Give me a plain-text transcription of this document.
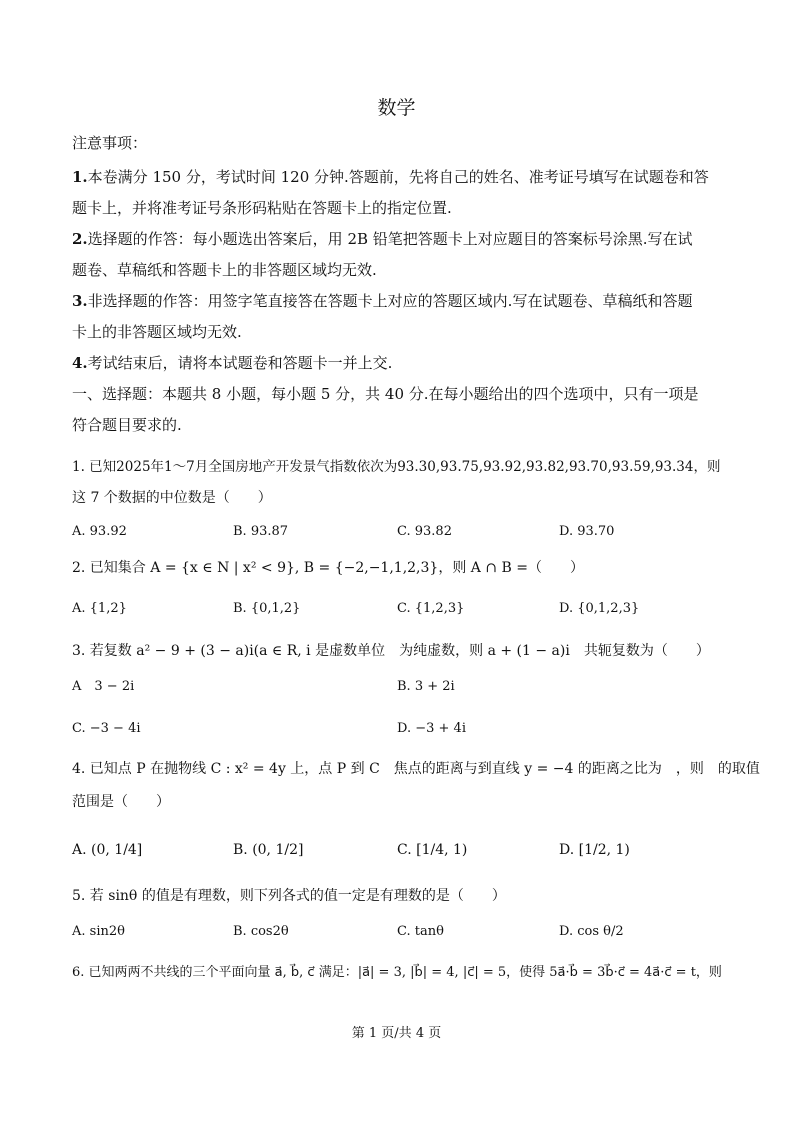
数学
注意事项：
1.本卷满分 150 分，考试时间 120 分钟.答题前，先将自己的姓名、准考证号填写在试题卷和答
题卡上，并将准考证号条形码粘贴在答题卡上的指定位置.
2.选择题的作答：每小题选出答案后，用 2B 铅笔把答题卡上对应题目的答案标号涂黑.写在试
题卷、草稿纸和答题卡上的非答题区域均无效.
3.非选择题的作答：用签字笔直接答在答题卡上对应的答题区域内.写在试题卷、草稿纸和答题
卡上的非答题区域均无效.
4.考试结束后，请将本试题卷和答题卡一并上交.
一、选择题：本题共 8 小题，每小题 5 分，共 40 分.在每小题给出的四个选项中，只有一项是
符合题目要求的.
1. 已知2025年1～7月全国房地产开发景气指数依次为93.30,93.75,93.92,93.82,93.70,93.59,93.34，则
这 7 个数据的中位数是（　　）
A. 93.92	B. 93.87	C. 93.82	D. 93.70
2. 已知集合 A = {x ∈ N | x² < 9}, B = {−2,−1,1,2,3}，则 A ∩ B =（　　）
A. {1,2}	B. {0,1,2}	C. {1,2,3}	D. {0,1,2,3}
3. 若复数 a² − 9 + (3 − a)i(a ∈ R, i 是虚数单位　为纯虚数，则 a + (1 − a)i　共轭复数为（　　）
A　3 − 2i	B. 3 + 2i
C. −3 − 4i	D. −3 + 4i
4. 已知点 P 在抛物线 C : x² = 4y 上，点 P 到 C　焦点的距离与到直线 y = −4 的距离之比为　，则　的取值
范围是（　　）
A. (0, 1/4]	B. (0, 1/2]	C. [1/4, 1)	D. [1/2, 1)
5. 若 sinθ 的值是有理数，则下列各式的值一定是有理数的是（　　）
A. sin2θ	B. cos2θ	C. tanθ	D. cos θ/2
6. 已知两两不共线的三个平面向量 a⃗, b⃗, c⃗ 满足：|a⃗| = 3, |b⃗| = 4, |c⃗| = 5，使得 5a⃗·b⃗ = 3b⃗·c⃗ = 4a⃗·c⃗ = t，则
第 1 页/共 4 页
